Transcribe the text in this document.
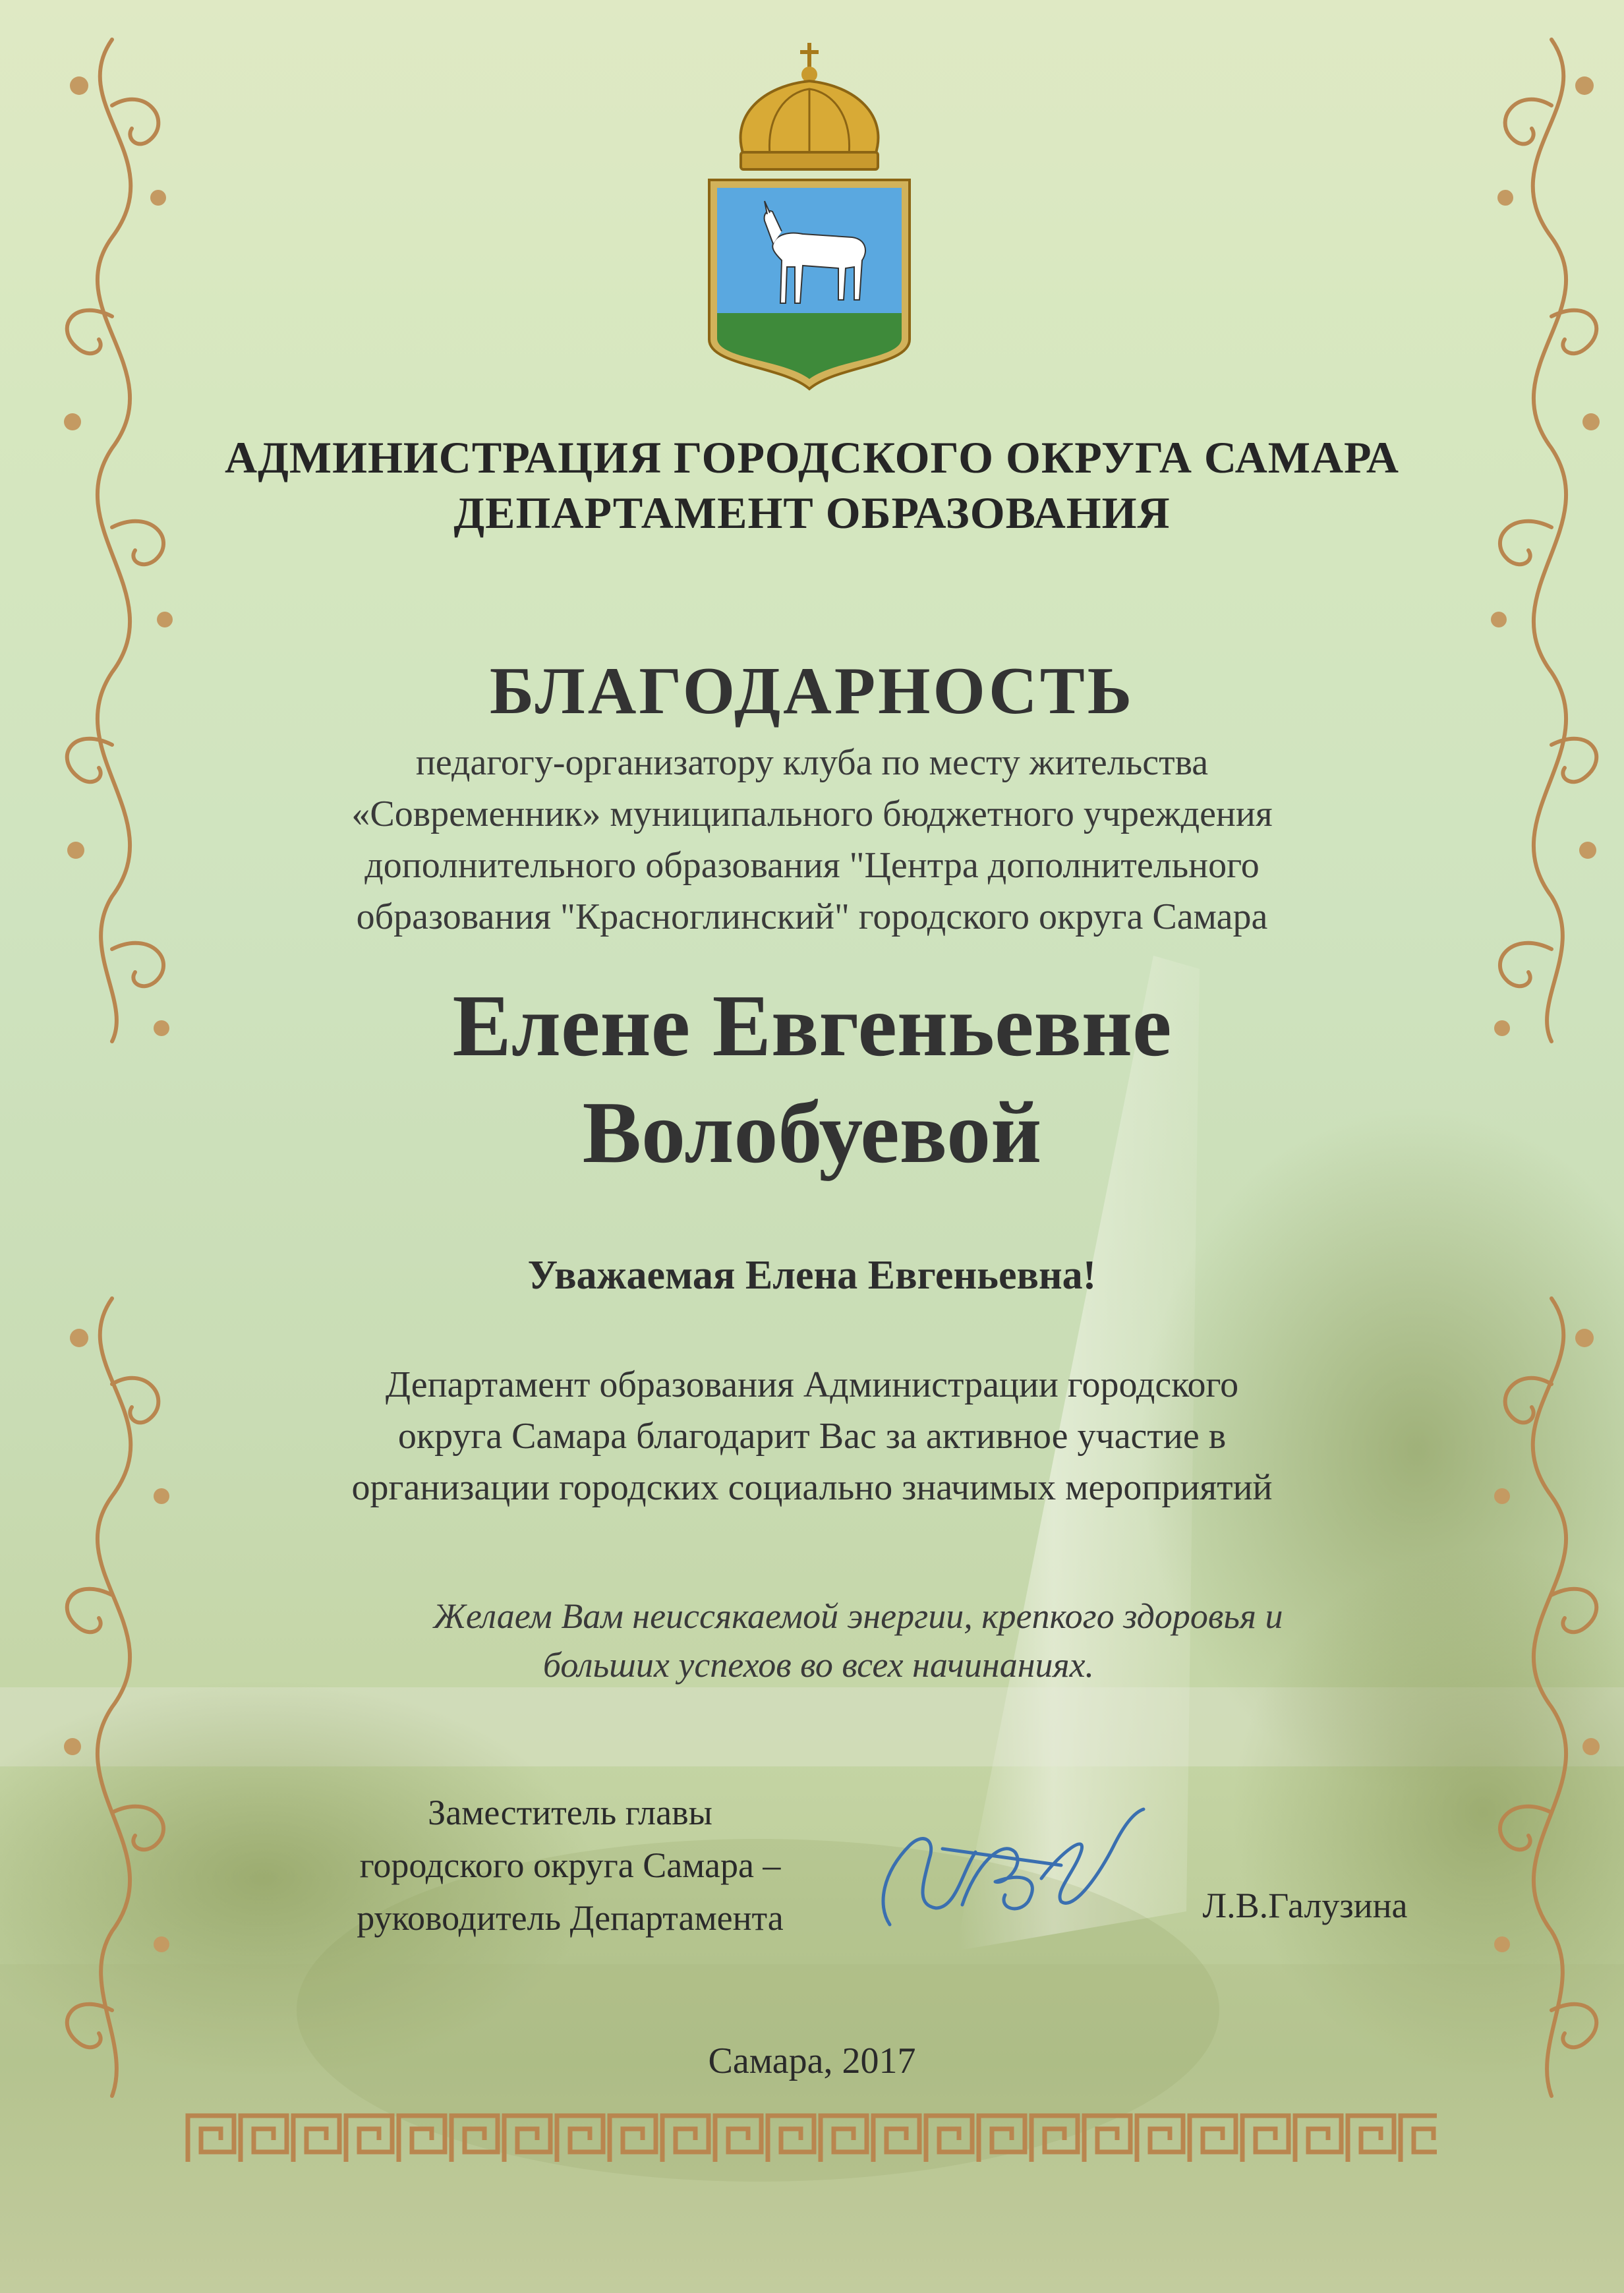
АДМИНИСТРАЦИЯ ГОРОДСКОГО ОКРУГА САМАРА
ДЕПАРТАМЕНТ ОБРАЗОВАНИЯ
БЛАГОДАРНОСТЬ
педагогу-организатору клуба по месту жительства
«Современник» муниципального бюджетного учреждения
дополнительного образования "Центра дополнительного
образования "Красноглинский" городского округа Самара
Елене Евгеньевне
Волобуевой
Уважаемая Елена Евгеньевна!
Департамент образования Администрации городского
округа Самара благодарит Вас за активное участие в
организации городских социально значимых мероприятий
Желаем Вам неиссякаемой энергии, крепкого здоровья и
больших успехов во всех начинаниях.
Заместитель главы
городского округа Самара –
руководитель Департамента	Л.В.Галузина
Самара, 2017
